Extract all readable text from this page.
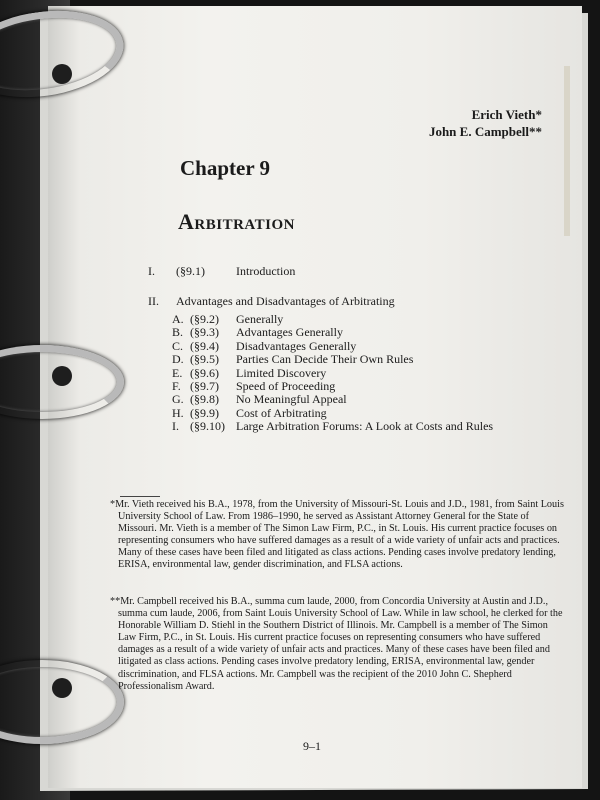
Erich Vieth*
John E. Campbell**
Chapter 9
Arbitration
I. (§9.1)	Introduction
II. Advantages and Disadvantages of Arbitrating
A. (§9.2) Generally
B. (§9.3) Advantages Generally
C. (§9.4) Disadvantages Generally
D. (§9.5) Parties Can Decide Their Own Rules
E. (§9.6) Limited Discovery
F. (§9.7) Speed of Proceeding
G. (§9.8) No Meaningful Appeal
H. (§9.9) Cost of Arbitrating
I. (§9.10) Large Arbitration Forums: A Look at Costs and Rules
*Mr. Vieth received his B.A., 1978, from the University of Missouri-St. Louis and J.D., 1981, from Saint Louis University School of Law. From 1986–1990, he served as Assistant Attorney General for the State of Missouri. Mr. Vieth is a member of The Simon Law Firm, P.C., in St. Louis. His current practice focuses on representing consumers who have suffered damages as a result of a wide variety of unfair acts and practices. Many of these cases have been filed and litigated as class actions. Pending cases involve predatory lending, ERISA, environmental law, gender discrimination, and FLSA actions.
**Mr. Campbell received his B.A., summa cum laude, 2000, from Concordia University at Austin and J.D., summa cum laude, 2006, from Saint Louis University School of Law. While in law school, he clerked for the Honorable William D. Stiehl in the Southern District of Illinois. Mr. Campbell is a member of The Simon Law Firm, P.C., in St. Louis. His current practice focuses on representing consumers who have suffered damages as a result of a wide variety of unfair acts and practices. Many of these cases have been filed and litigated as class actions. Pending cases involve predatory lending, ERISA, environmental law, gender discrimination, and FLSA actions. Mr. Campbell was the recipient of the 2010 John C. Shepherd Professionalism Award.
9–1
